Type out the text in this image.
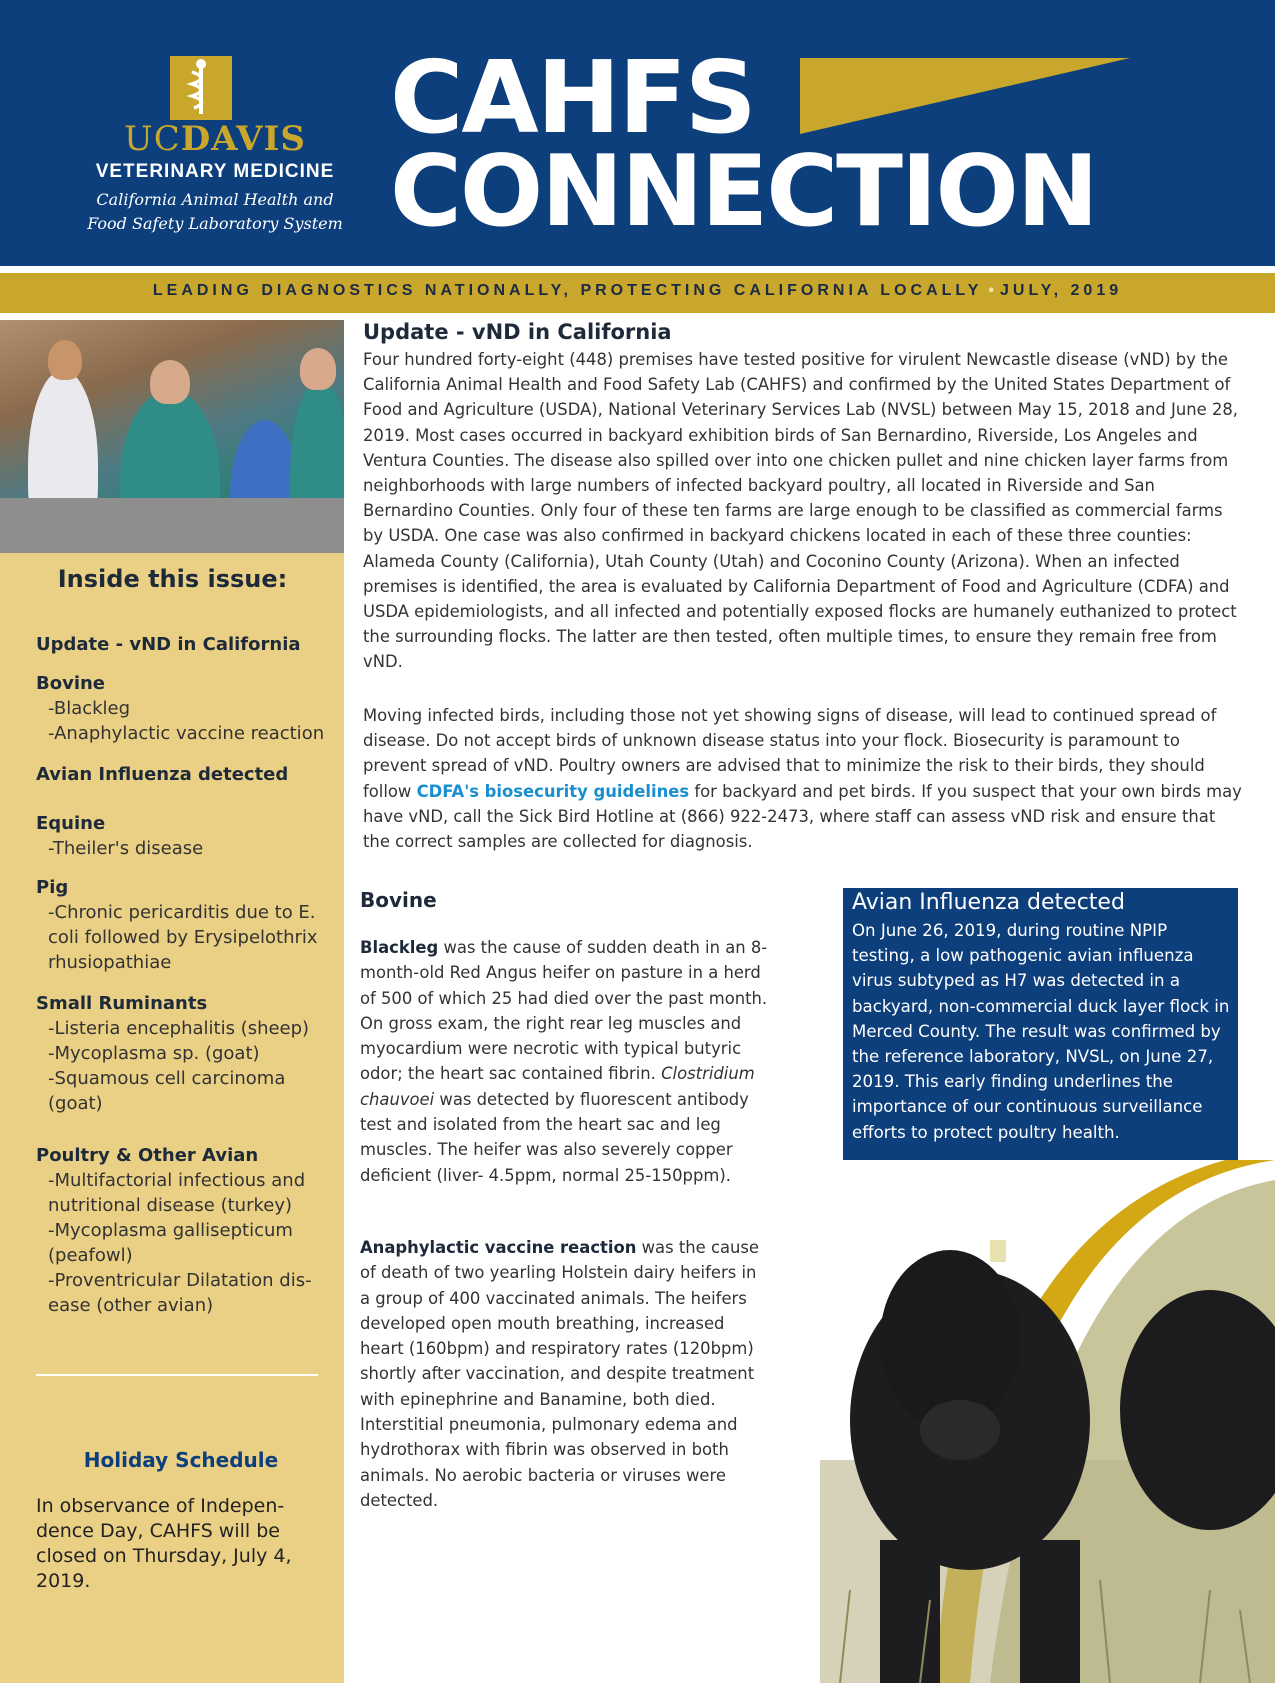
UCDAVIS
VETERINARY MEDICINE
California Animal Health and
Food Safety Laboratory System
CAHFS
CONNECTION
LEADING DIAGNOSTICS NATIONALLY, PROTECTING CALIFORNIA LOCALLY • JULY, 2019
Inside this issue:
Update - vND in California
Bovine
-Blackleg
-Anaphylactic vaccine reaction
Avian Influenza detected
Equine
-Theiler's disease
Pig
-Chronic pericarditis due to E. coli followed by Erysipelothrix rhusiopathiae
Small Ruminants
-Listeria encephalitis (sheep)
-Mycoplasma sp. (goat)
-Squamous cell carcinoma (goat)
Poultry & Other Avian
-Multifactorial infectious and nutritional disease (turkey)
-Mycoplasma gallisepticum (peafowl)
-Proventricular Dilatation dis-ease (other avian)
Holiday Schedule
In observance of Indepen-dence Day, CAHFS will be closed on Thursday, July 4, 2019.
Update - vND in California
Four hundred forty-eight (448) premises have tested positive for virulent Newcastle disease (vND) by the California Animal Health and Food Safety Lab (CAHFS) and confirmed by the United States Department of Food and Agriculture (USDA), National Veterinary Services Lab (NVSL) between May 15, 2018 and June 28, 2019. Most cases occurred in backyard exhibition birds of San Bernardino, Riverside, Los Angeles and Ventura Counties. The disease also spilled over into one chicken pullet and nine chicken layer farms from neighborhoods with large numbers of infected backyard poultry, all located in Riverside and San Bernardino Counties. Only four of these ten farms are large enough to be classified as commercial farms by USDA. One case was also confirmed in backyard chickens located in each of these three counties: Alameda County (California), Utah County (Utah) and Coconino County (Arizona). When an infected premises is identified, the area is evaluated by California Department of Food and Agriculture (CDFA) and USDA epidemiologists, and all infected and potentially exposed flocks are humanely euthanized to protect the surrounding flocks. The latter are then tested, often multiple times, to ensure they remain free from vND.
Moving infected birds, including those not yet showing signs of disease, will lead to continued spread of disease. Do not accept birds of unknown disease status into your flock. Biosecurity is paramount to prevent spread of vND. Poultry owners are advised that to minimize the risk to their birds, they should follow CDFA's biosecurity guidelines for backyard and pet birds. If you suspect that your own birds may have vND, call the Sick Bird Hotline at (866) 922-2473, where staff can assess vND risk and ensure that the correct samples are collected for diagnosis.
Bovine
Blackleg was the cause of sudden death in an 8-month-old Red Angus heifer on pasture in a herd of 500 of which 25 had died over the past month. On gross exam, the right rear leg muscles and myocardium were necrotic with typical butyric odor; the heart sac contained fibrin. Clostridium chauvoei was detected by fluorescent antibody test and isolated from the heart sac and leg muscles. The heifer was also severely copper deficient (liver- 4.5ppm, normal 25-150ppm).
Anaphylactic vaccine reaction was the cause of death of two yearling Holstein dairy heifers in a group of 400 vaccinated animals. The heifers developed open mouth breathing, increased heart (160bpm) and respiratory rates (120bpm) shortly after vaccination, and despite treatment with epinephrine and Banamine, both died. Interstitial pneumonia, pulmonary edema and hydrothorax with fibrin was observed in both animals. No aerobic bacteria or viruses were detected.
Avian Influenza detected
On June 26, 2019, during routine NPIP testing, a low pathogenic avian influenza virus subtyped as H7 was detected in a backyard, non-commercial duck layer flock in Merced County. The result was confirmed by the reference laboratory, NVSL, on June 27, 2019. This early finding underlines the importance of our continuous surveillance efforts to protect poultry health.
